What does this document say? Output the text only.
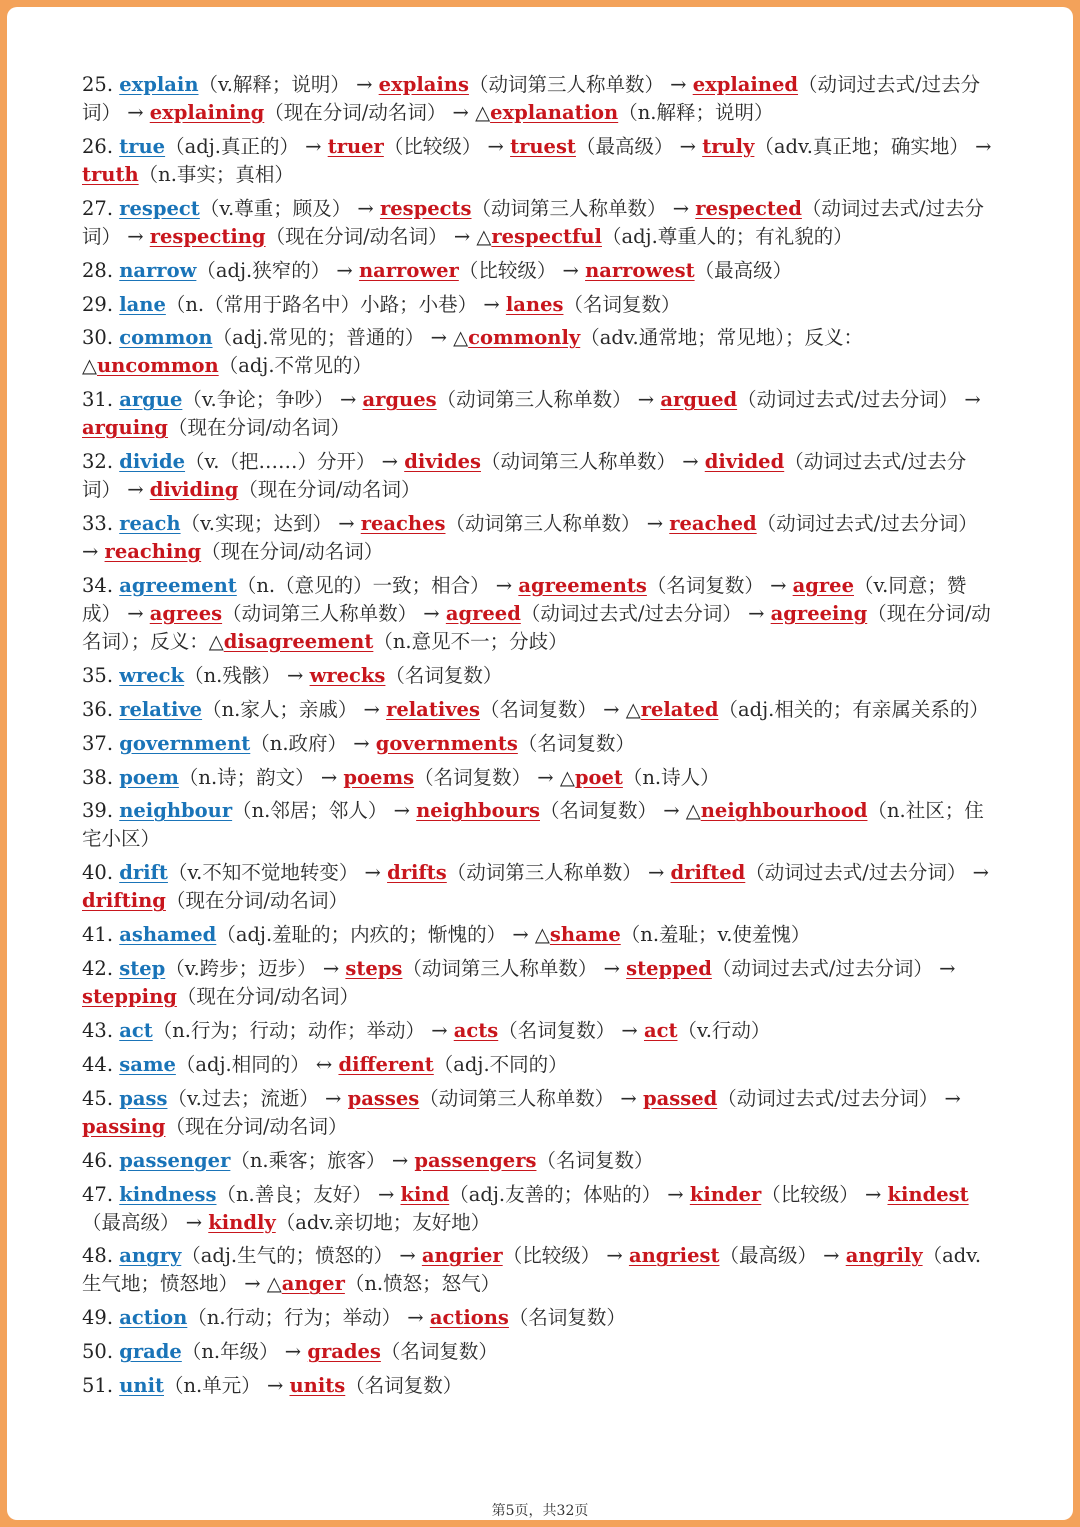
25. explain（v.解释；说明） → explains（动词第三人称单数） → explained（动词过去式/过去分词） → explaining（现在分词/动名词） → △explanation（n.解释；说明）
26. true（adj.真正的） → truer（比较级） → truest（最高级） → truly（adv.真正地；确实地） → truth（n.事实；真相）
27. respect（v.尊重；顾及） → respects（动词第三人称单数） → respected（动词过去式/过去分词） → respecting（现在分词/动名词） → △respectful（adj.尊重人的；有礼貌的）
28. narrow（adj.狭窄的） → narrower（比较级） → narrowest（最高级）
29. lane（n.（常用于路名中）小路；小巷） → lanes（名词复数）
30. common（adj.常见的；普通的） → △commonly（adv.通常地；常见地）；反义：△uncommon（adj.不常见的）
31. argue（v.争论；争吵） → argues（动词第三人称单数） → argued（动词过去式/过去分词） → arguing（现在分词/动名词）
32. divide（v.（把……）分开） → divides（动词第三人称单数） → divided（动词过去式/过去分词） → dividing（现在分词/动名词）
33. reach（v.实现；达到） → reaches（动词第三人称单数） → reached（动词过去式/过去分词） → reaching（现在分词/动名词）
34. agreement（n.（意见的）一致；相合） → agreements（名词复数） → agree（v.同意；赞成） → agrees（动词第三人称单数） → agreed（动词过去式/过去分词） → agreeing（现在分词/动名词）；反义：△disagreement（n.意见不一；分歧）
35. wreck（n.残骸） → wrecks（名词复数）
36. relative（n.家人；亲戚） → relatives（名词复数） → △related（adj.相关的；有亲属关系的）
37. government（n.政府） → governments（名词复数）
38. poem（n.诗；韵文） → poems（名词复数） → △poet（n.诗人）
39. neighbour（n.邻居；邻人） → neighbours（名词复数） → △neighbourhood（n.社区；住宅小区）
40. drift（v.不知不觉地转变） → drifts（动词第三人称单数） → drifted（动词过去式/过去分词） → drifting（现在分词/动名词）
41. ashamed（adj.羞耻的；内疚的；惭愧的） → △shame（n.羞耻；v.使羞愧）
42. step（v.跨步；迈步） → steps（动词第三人称单数） → stepped（动词过去式/过去分词） → stepping（现在分词/动名词）
43. act（n.行为；行动；动作；举动） → acts（名词复数） → act（v.行动）
44. same（adj.相同的） ↔ different（adj.不同的）
45. pass（v.过去；流逝） → passes（动词第三人称单数） → passed（动词过去式/过去分词） → passing（现在分词/动名词）
46. passenger（n.乘客；旅客） → passengers（名词复数）
47. kindness（n.善良；友好） → kind（adj.友善的；体贴的） → kinder（比较级） → kindest（最高级） → kindly（adv.亲切地；友好地）
48. angry（adj.生气的；愤怒的） → angrier（比较级） → angriest（最高级） → angrily（adv.生气地；愤怒地） → △anger（n.愤怒；怒气）
49. action（n.行动；行为；举动） → actions（名词复数）
50. grade（n.年级） → grades（名词复数）
51. unit（n.单元） → units（名词复数）
第5页，共32页
